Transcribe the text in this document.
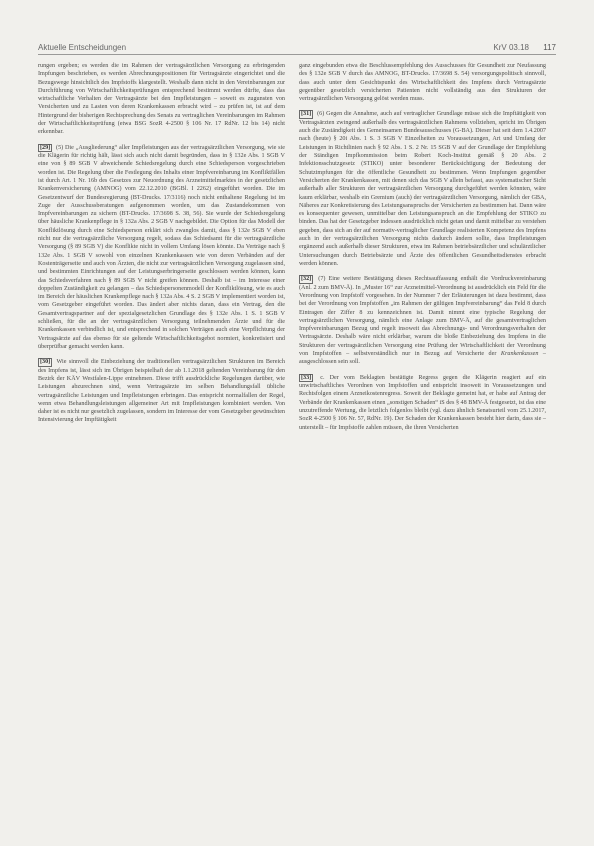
Aktuelle Entscheidungen	KrV 03.18 117

rungen ergeben; es werden die im Rahmen der vertragsärztlichen Versorgung zu erbringenden Impfungen beschrieben, es werden Abrechnungspositionen für Vertragsärzte eingerichtet und die Bezugswege hinsichtlich des Impfstoffs klargestellt. Weshalb dann nicht in den Vereinbarungen zur Durchführung von Wirtschaftlichkeitsprüfungen entsprechend bestimmt werden dürfte, dass das wirtschaftliche Verhalten der Vertragsärzte bei den Impfleistungen – soweit es zugunsten von Versicherten und zu Lasten von deren Krankenkassen erbracht wird – zu prüfen ist, ist auf dem Hintergrund der bisherigen Rechtsprechung des Senats zu vertraglichen Vereinbarungen im Rahmen der Wirtschaftlichkeitsprüfung (etwa BSG SozR 4-2500 § 106 Nr. 17 RdNr. 12 bis 14) nicht erkennbar.

[29] (5) Die „Ausgliederung“ aller Impfleistungen aus der vertragsärztlichen Versorgung, wie sie die Klägerin für richtig hält, lässt sich auch nicht damit begründen, dass in § 132e Abs. 1 SGB V eine von § 89 SGB V abweichende Schiedsregelung durch eine Schiedsperson vorgeschrieben worden ist. Die Regelung über die Festlegung des Inhalts einer Impfvereinbarung im Konfliktfällen ist durch Art. 1 Nr. 16b des Gesetzes zur Neuordnung des Arzneimittelmarktes in der gesetzlichen Krankenversicherung (AMNOG) vom 22.12.2010 (BGBl. I 2262) eingeführt worden. Die im Gesetzentwurf der Bundesregierung (BT-Drucks. 17/3116) noch nicht enthaltene Regelung ist im Zuge der Ausschussberatungen aufgenommen worden, um das Zustandekommen von Impfvereinbarungen zu sichern (BT-Drucks. 17/3698 S. 38, 56). Sie wurde der Schiedsregelung über häusliche Krankenpflege in § 132a Abs. 2 SGB V nachgebildet. Die Option für das Modell der Konfliktlösung durch eine Schiedsperson erklärt sich zwanglos damit, dass § 132e SGB V eben nicht nur die vertragsärztliche Versorgung regelt, sodass das Schiedsamt für die vertragsärztliche Versorgung (§ 89 SGB V) die Konflikte nicht in vollem Umfang lösen könnte. Da Verträge nach § 132e Abs. 1 SGB V sowohl von einzelnen Krankenkassen wie von deren Verbänden auf der Kostenträgerseite und auch von Ärzten, die nicht zur vertragsärztlichen Versorgung zugelassen sind, und bestimmten Einrichtungen auf der Leistungserbringerseite geschlossen werden können, kann das Schiedsverfahren nach § 89 SGB V nicht greifen können. Deshalb ist – im Interesse einer doppelten Zuständigkeit zu gelangen – das Schiedspersonenmodell der Konfliktlösung, wie es auch im Bereich der häuslichen Krankenpflege nach § 132a Abs. 4 S. 2 SGB V implementiert worden ist, vom Gesetzgeber eingeführt worden. Das ändert aber nichts daran, dass ein Vertrag, den die Gesamtvertragspartner auf der spezialgesetzlichen Grundlage des § 132e Abs. 1 S. 1 SGB V schließen, für die an der vertragsärztlichen Versorgung teilnehmenden Ärzte und für die Krankenkassen verbindlich ist, und entsprechend in solchen Verträgen auch eine Verpflichtung der Vertragsärzte auf das ebenso für sie geltende Wirtschaftlichkeitsgebot normiert, konkretisiert und überprüfbar gemacht werden kann.

[30] Wie sinnvoll die Einbeziehung der traditionellen vertragsärztlichen Strukturen im Bereich des Impfens ist, lässt sich im Übrigen beispielhaft der ab 1.1.2018 geltenden Vereinbarung für den Bezirk der KÄV Westfalen-Lippe entnehmen. Diese trifft ausdrückliche Regelungen darüber, wie Leistungen abzurechnen sind, wenn Vertragsärzte im selben Behandlungsfall übliche vertragsärztliche Leistungen und Impfleistungen erbringen. Das entspricht normalfallen der Regel, wenn etwa Behandlungsleistungen allgemeiner Art mit Impfleistungen kombiniert werden. Von daher ist es nicht nur gesetzlich zugelassen, sondern im Interesse der vom Gesetzgeber gewünschten Intensivierung der Impftätigkeit

ganz eingebunden etwa die Beschlussempfehlung des Ausschusses für Gesundheit zur Neufassung des § 132e SGB V durch das AMNOG, BT-Drucks. 17/3698 S. 54) versorgungspolitisch sinnvoll, dass auch unter dem Gesichtspunkt des Wirtschaftlichkeit des Impfens durch Vertragsärzte gegenüber gesetzlich versicherten Patienten nicht vollständig aus den Strukturen der vertragsärztlichen Versorgung gelöst werden muss.

[31] (6) Gegen die Annahme, auch auf vertraglicher Grundlage müsse sich die Impftätigkeit von Vertragsärzten zwingend außerhalb des vertragsärztlichen Rahmens vollziehen, spricht im Übrigen auch die Zuständigkeit des Gemeinsamen Bundesausschusses (G-BA). Dieser hat seit dem 1.4.2007 nach (heute) § 20i Abs. 1 S. 3 SGB V Einzelheiten zu Voraussetzungen, Art und Umfang der Leistungen in Richtlinien nach § 92 Abs. 1 S. 2 Nr. 15 SGB V auf der Grundlage der Empfehlung der Ständigen Impfkommission beim Robert Koch-Institut gemäß § 20 Abs. 2 Infektionsschutzgesetz (STIKO) unter besonderer Berücksichtigung der Bedeutung der Schutzimpfungen für die öffentliche Gesundheit zu bestimmen. Wenn Impfungen gegenüber Versicherten der Krankenkassen, mit denen sich das SGB V allein befasst, aus systematischer Sicht außerhalb aller Strukturen der vertragsärztlichen Versorgung durchgeführt werden könnten, wäre kaum erklärbar, weshalb ein Gremium (auch) der vertragsärztlichen Versorgung, nämlich der GBA, Näheres zur Konkretisierung des Leistungsanspruchs der Versicherten zu bestimmen hat. Dann wäre es konsequenter gewesen, unmittelbar den Leistungsanspruch an die Empfehlung der STIKO zu binden. Das hat der Gesetzgeber indessen ausdrücklich nicht getan und damit mittelbar zu verstehen gegeben, dass sich an der auf normativ-vertraglicher Grundlage realisierten Kompetenz des Impfens auch in der vertragsärztlichen Versorgung nichts dadurch ändern sollte, dass Impfleistungen ergänzend auch außerhalb dieser Strukturen, etwa im Rahmen betriebsärztlicher und schulärztlicher Untersuchungen durch Betriebsärzte und Ärzte des öffentlichen Gesundheitsdienstes erbracht werden können.

[32] (7) Eine weitere Bestätigung dieses Rechtsauffassung enthält die Vordruckvereinbarung (Anl. 2 zum BMV-Ä). In „Muster 16“ zur Arzneimittel-Verordnung ist ausdrücklich ein Feld für die Verordnung von Impfstoff vorgesehen. In der Nummer 7 der Erläuterungen ist dazu bestimmt, dass bei der Verordnung von Impfstoffen „im Rahmen der gültigen Impfvereinbarung“ das Feld 8 durch Eintragen der Ziffer 8 zu kennzeichnen ist. Damit nimmt eine typische Regelung der vertragsärztlichen Versorgung, nämlich eine Anlage zum BMV-Ä, auf die gesamtvertraglichen Impfvereinbarungen Bezug und regelt insoweit das Abrechnungs- und Verordnungsverhalten der Vertragsärzte. Deshalb wäre nicht erklärbar, warum die bloße Einbeziehung des Impfens in die Strukturen der vertragsärztlichen Versorgung eine Prüfung der Wirtschaftlichkeit der Verordnung von Impfstoffen – selbstverständlich nur in Bezug auf Versicherte der Krankenkassen – ausgeschlossen sein soll.

[33] c. Der vom Beklagten bestätigte Regress gegen die Klägerin reagiert auf ein unwirtschaftliches Verordnen von Impfstoffen und entspricht insoweit in Voraussetzungen und Rechtsfolgen einem Arzneikostenregress. Soweit der Beklagte gemeint hat, er habe auf Antrag der Verbände der Krankenkassen einen „sonstigen Schaden“ iS des § 48 BMV-Ä festgesetzt, ist das eine unzutreffende Wertung, die letztlich folgenlos bleibt (vgl. dazu ähnlich Senatsurteil vom 25.1.2017, SozR 4-2500 § 106 Nr. 57, RdNr. 19). Der Schaden der Krankenkassen besteht hier darin, dass sie – unterstellt – für Impfstoffe zahlen müssen, die ihren Versicherten
